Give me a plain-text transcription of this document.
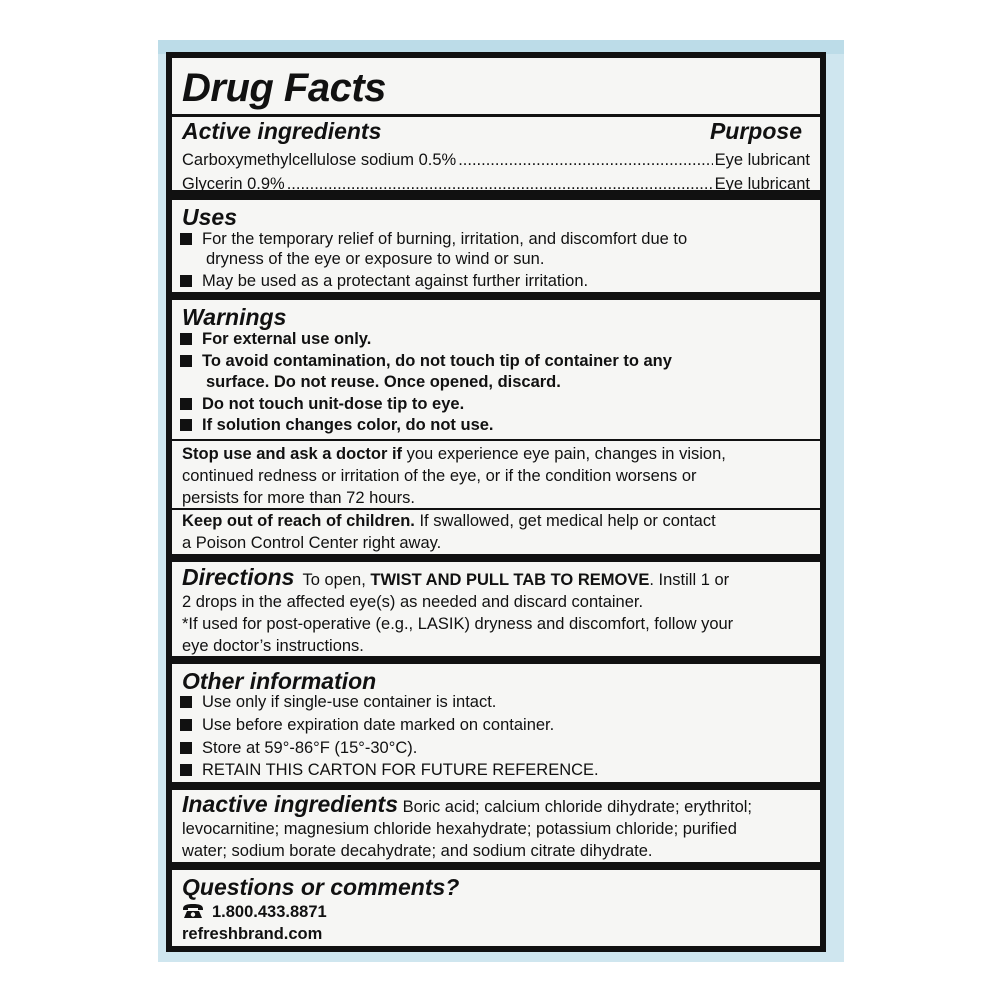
Drug Facts
Active ingredients	Purpose
Carboxymethylcellulose sodium 0.5% .....	Eye lubricant
Glycerin 0.9% .....	Eye lubricant
Uses
For the temporary relief of burning, irritation, and discomfort due to
dryness of the eye or exposure to wind or sun.
May be used as a protectant against further irritation.
Warnings
For external use only.
To avoid contamination, do not touch tip of container to any
surface. Do not reuse. Once opened, discard.
Do not touch unit-dose tip to eye.
If solution changes color, do not use.
Stop use and ask a doctor if you experience eye pain, changes in vision,
continued redness or irritation of the eye, or if the condition worsens or
persists for more than 72 hours.
Keep out of reach of children. If swallowed, get medical help or contact
a Poison Control Center right away.
Directions To open, TWIST AND PULL TAB TO REMOVE. Instill 1 or
2 drops in the affected eye(s) as needed and discard container.
*If used for post-operative (e.g., LASIK) dryness and discomfort, follow your
eye doctor’s instructions.
Other information
Use only if single-use container is intact.
Use before expiration date marked on container.
Store at 59°-86°F (15°-30°C).
RETAIN THIS CARTON FOR FUTURE REFERENCE.
Inactive ingredients Boric acid; calcium chloride dihydrate; erythritol;
levocarnitine; magnesium chloride hexahydrate; potassium chloride; purified
water; sodium borate decahydrate; and sodium citrate dihydrate.
Questions or comments?
1.800.433.8871
refreshbrand.com
